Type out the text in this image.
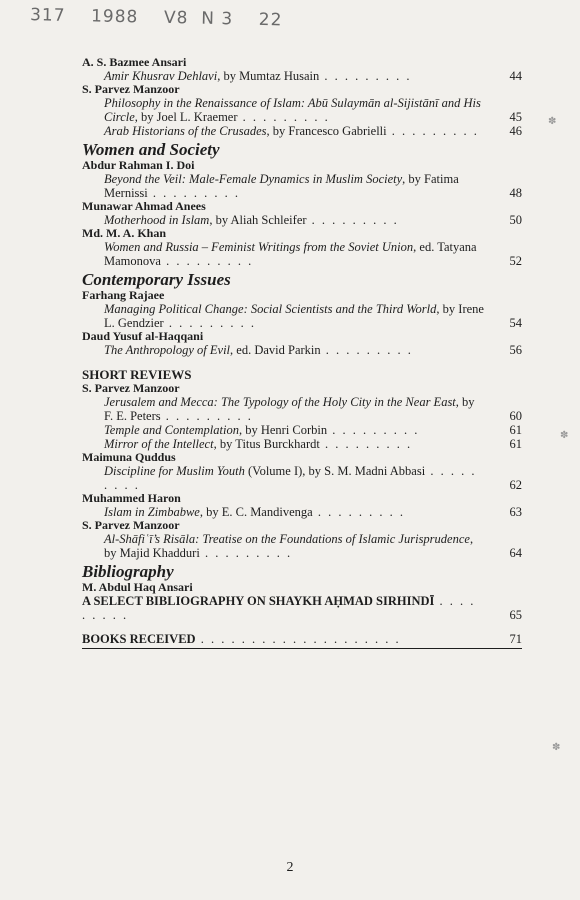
317    1988    V8  N 3    22
A. S. Bazmee Ansari
Amir Khusrav Dehlavi, by Mumtaz Husain . . . . . . . . .	44
S. Parvez Manzoor
Philosophy in the Renaissance of Islam: Abū Sulaymān al-Sijistānī and His Circle, by Joel L. Kraemer . . . . . . . . .	45
Arab Historians of the Crusades, by Francesco Gabrielli . . . . . . . . .	46
Women and Society
Abdur Rahman I. Doi
Beyond the Veil: Male-Female Dynamics in Muslim Society, by Fatima Mernissi . . . . . . . . .	48
Munawar Ahmad Anees
Motherhood in Islam, by Aliah Schleifer . . . . . . . . .	50
Md. M. A. Khan
Women and Russia – Feminist Writings from the Soviet Union, ed. Tatyana Mamonova . . . . . . . . .	52
Contemporary Issues
Farhang Rajaee
Managing Political Change: Social Scientists and the Third World, by Irene L. Gendzier . . . . . . . . .	54
Daud Yusuf al-Haqqani
The Anthropology of Evil, ed. David Parkin . . . . . . . . .	56
SHORT REVIEWS
S. Parvez Manzoor
Jerusalem and Mecca: The Typology of the Holy City in the Near East, by F. E. Peters . . . . . . . . .	60
Temple and Contemplation, by Henri Corbin . . . . . . . . .	61
Mirror of the Intellect, by Titus Burckhardt . . . . . . . . .	61
Maimuna Quddus
Discipline for Muslim Youth (Volume I), by S. M. Madni Abbasi . . . . . . . . .	62
Muhammed Haron
Islam in Zimbabwe, by E. C. Mandivenga . . . . . . . . .	63
S. Parvez Manzoor
Al-Shāfiʿī’s Risāla: Treatise on the Foundations of Islamic Jurisprudence, by Majid Khadduri . . . . . . . . .	64
Bibliography
M. Abdul Haq Ansari
A SELECT BIBLIOGRAPHY ON SHAYKH AḤMAD SIRHINDĪ . . . . . . . . .	65
BOOKS RECEIVED . . . . . . . . . . . . . . . . . . . .	71
2
✽
✽
✽
